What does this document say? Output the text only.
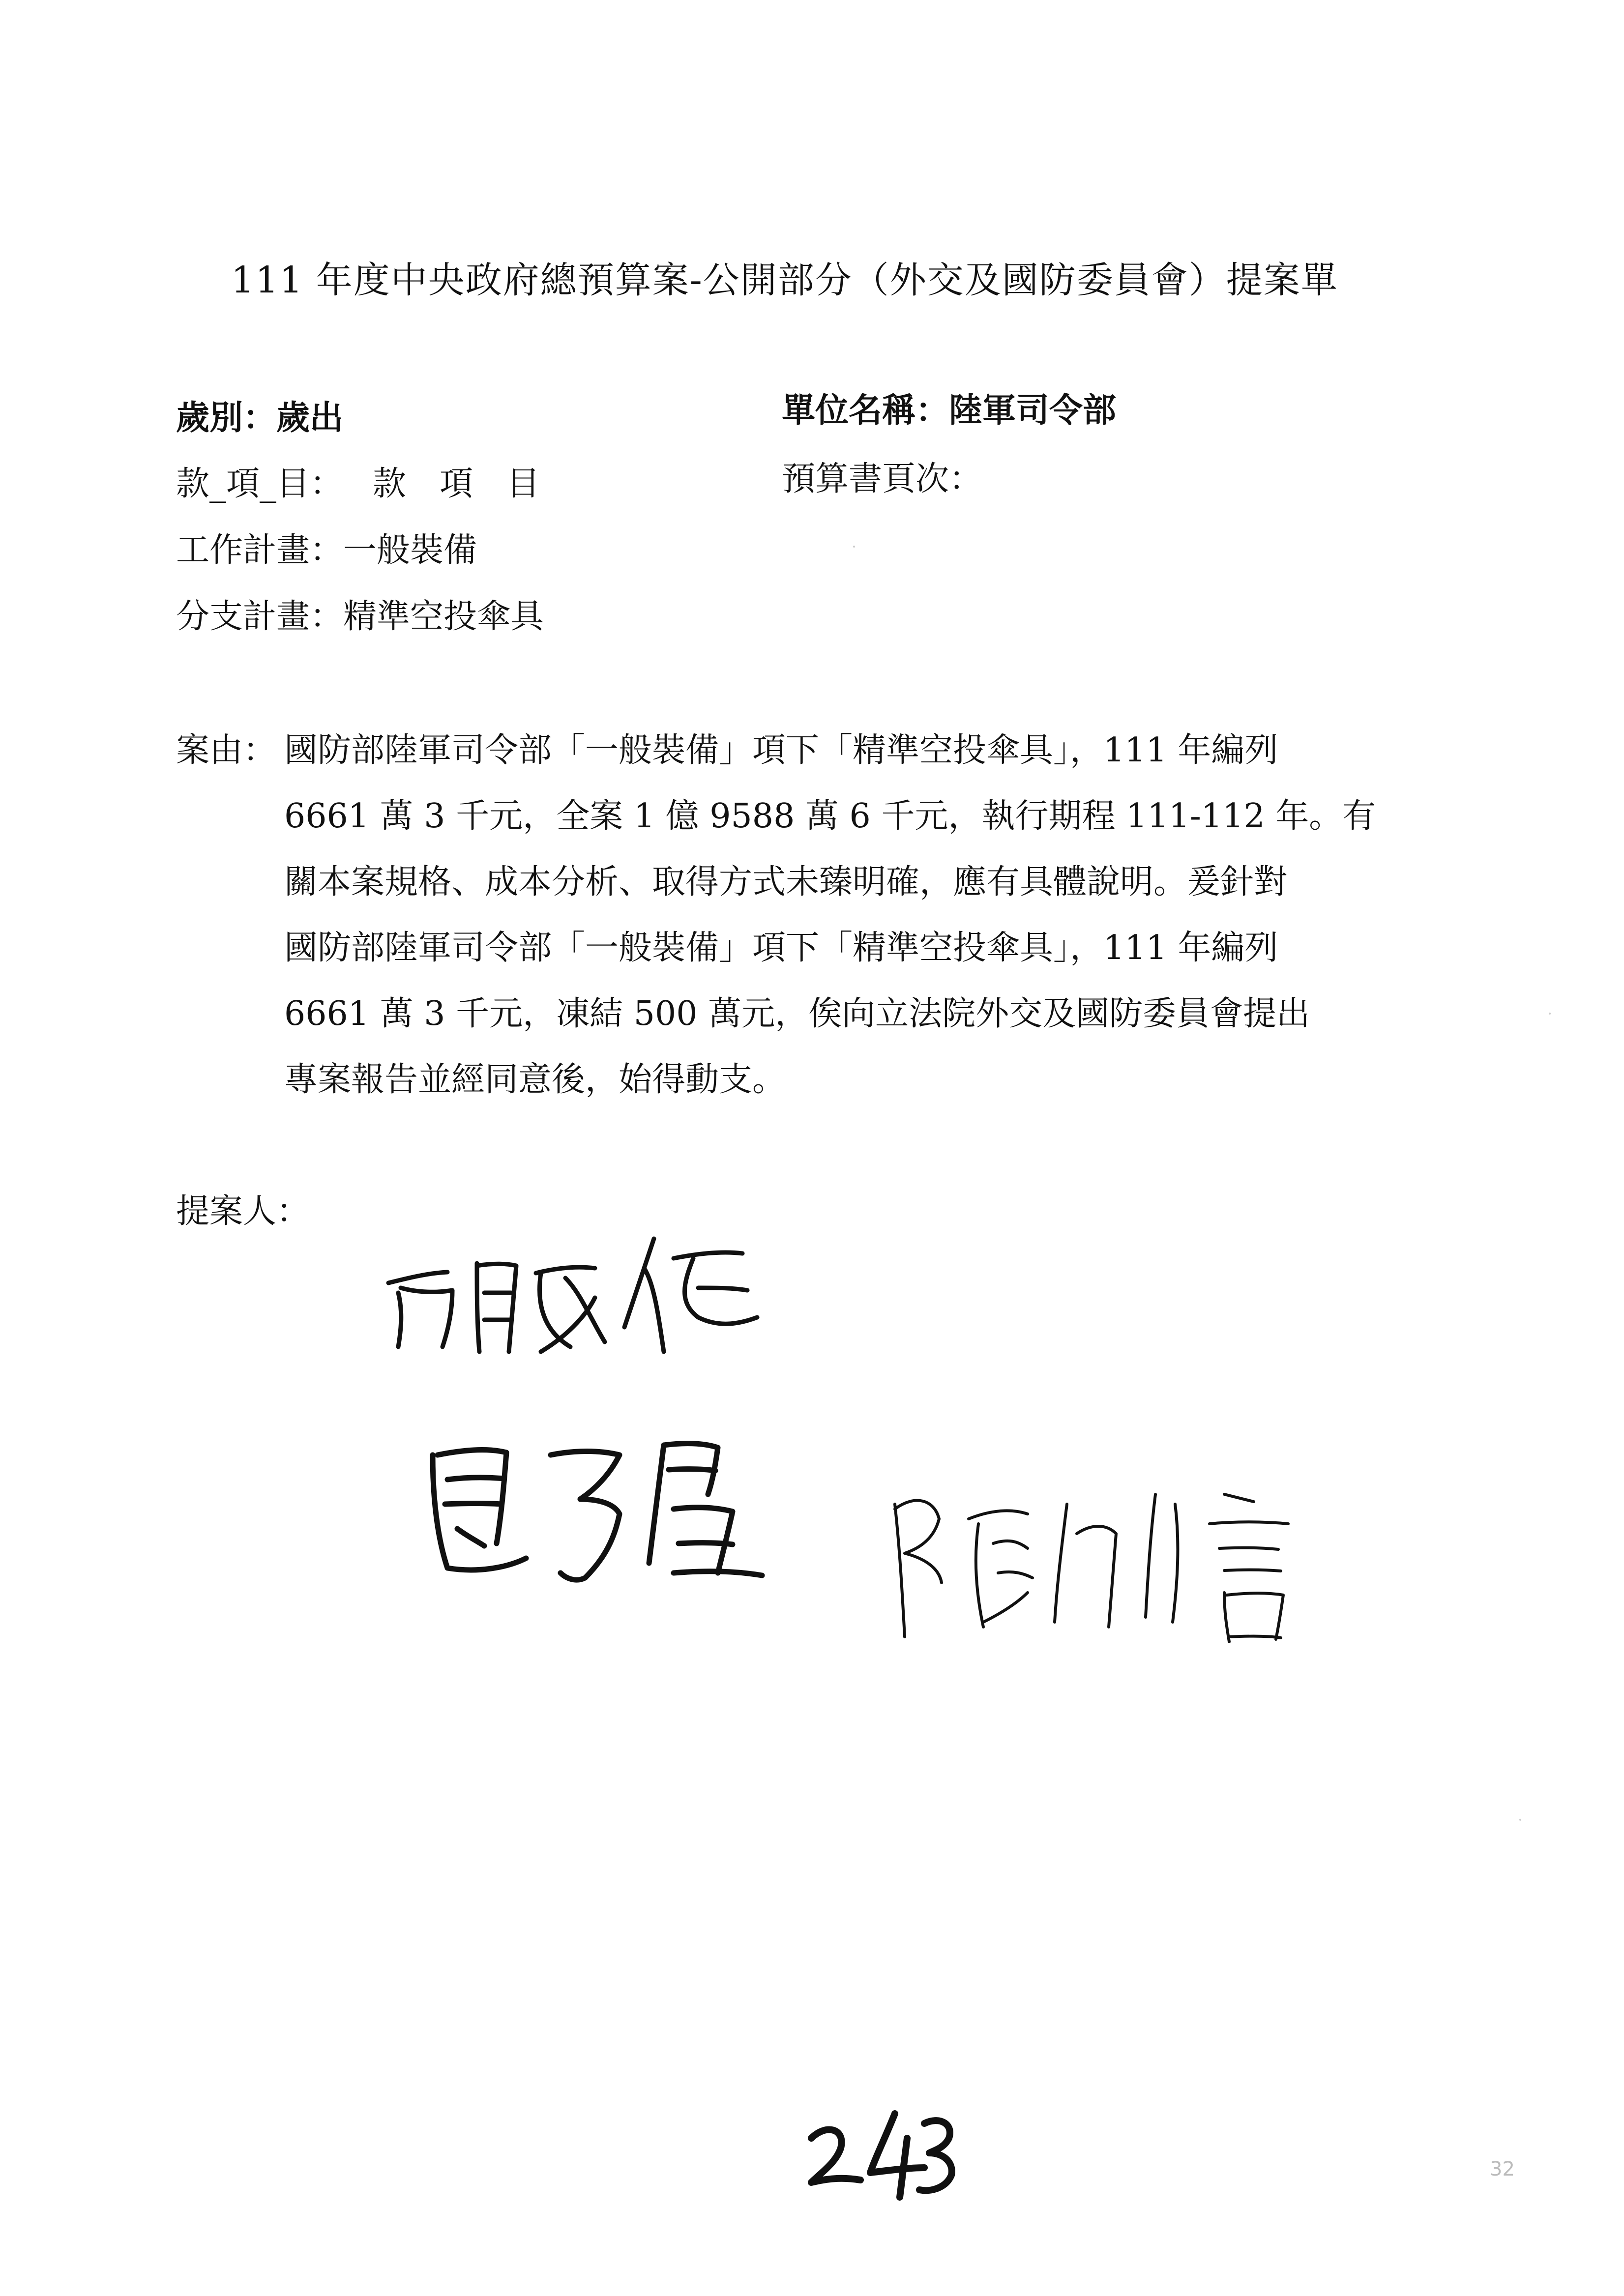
111 年度中央政府總預算案-公開部分（外交及國防委員會）提案單
歲別：歲出	單位名稱：陸軍司令部
款_項_目： 款　項　目	預算書頁次：
工作計畫：一般裝備
分支計畫：精準空投傘具
案由： 國防部陸軍司令部「一般裝備」項下「精準空投傘具」，111 年編列
6661 萬 3 千元，全案 1 億 9588 萬 6 千元，執行期程 111-112 年。有
關本案規格、成本分析、取得方式未臻明確，應有具體說明。爰針對
國防部陸軍司令部「一般裝備」項下「精準空投傘具」，111 年編列
6661 萬 3 千元，凍結 500 萬元，俟向立法院外交及國防委員會提出
專案報告並經同意後，始得動支。
提案人：
32
